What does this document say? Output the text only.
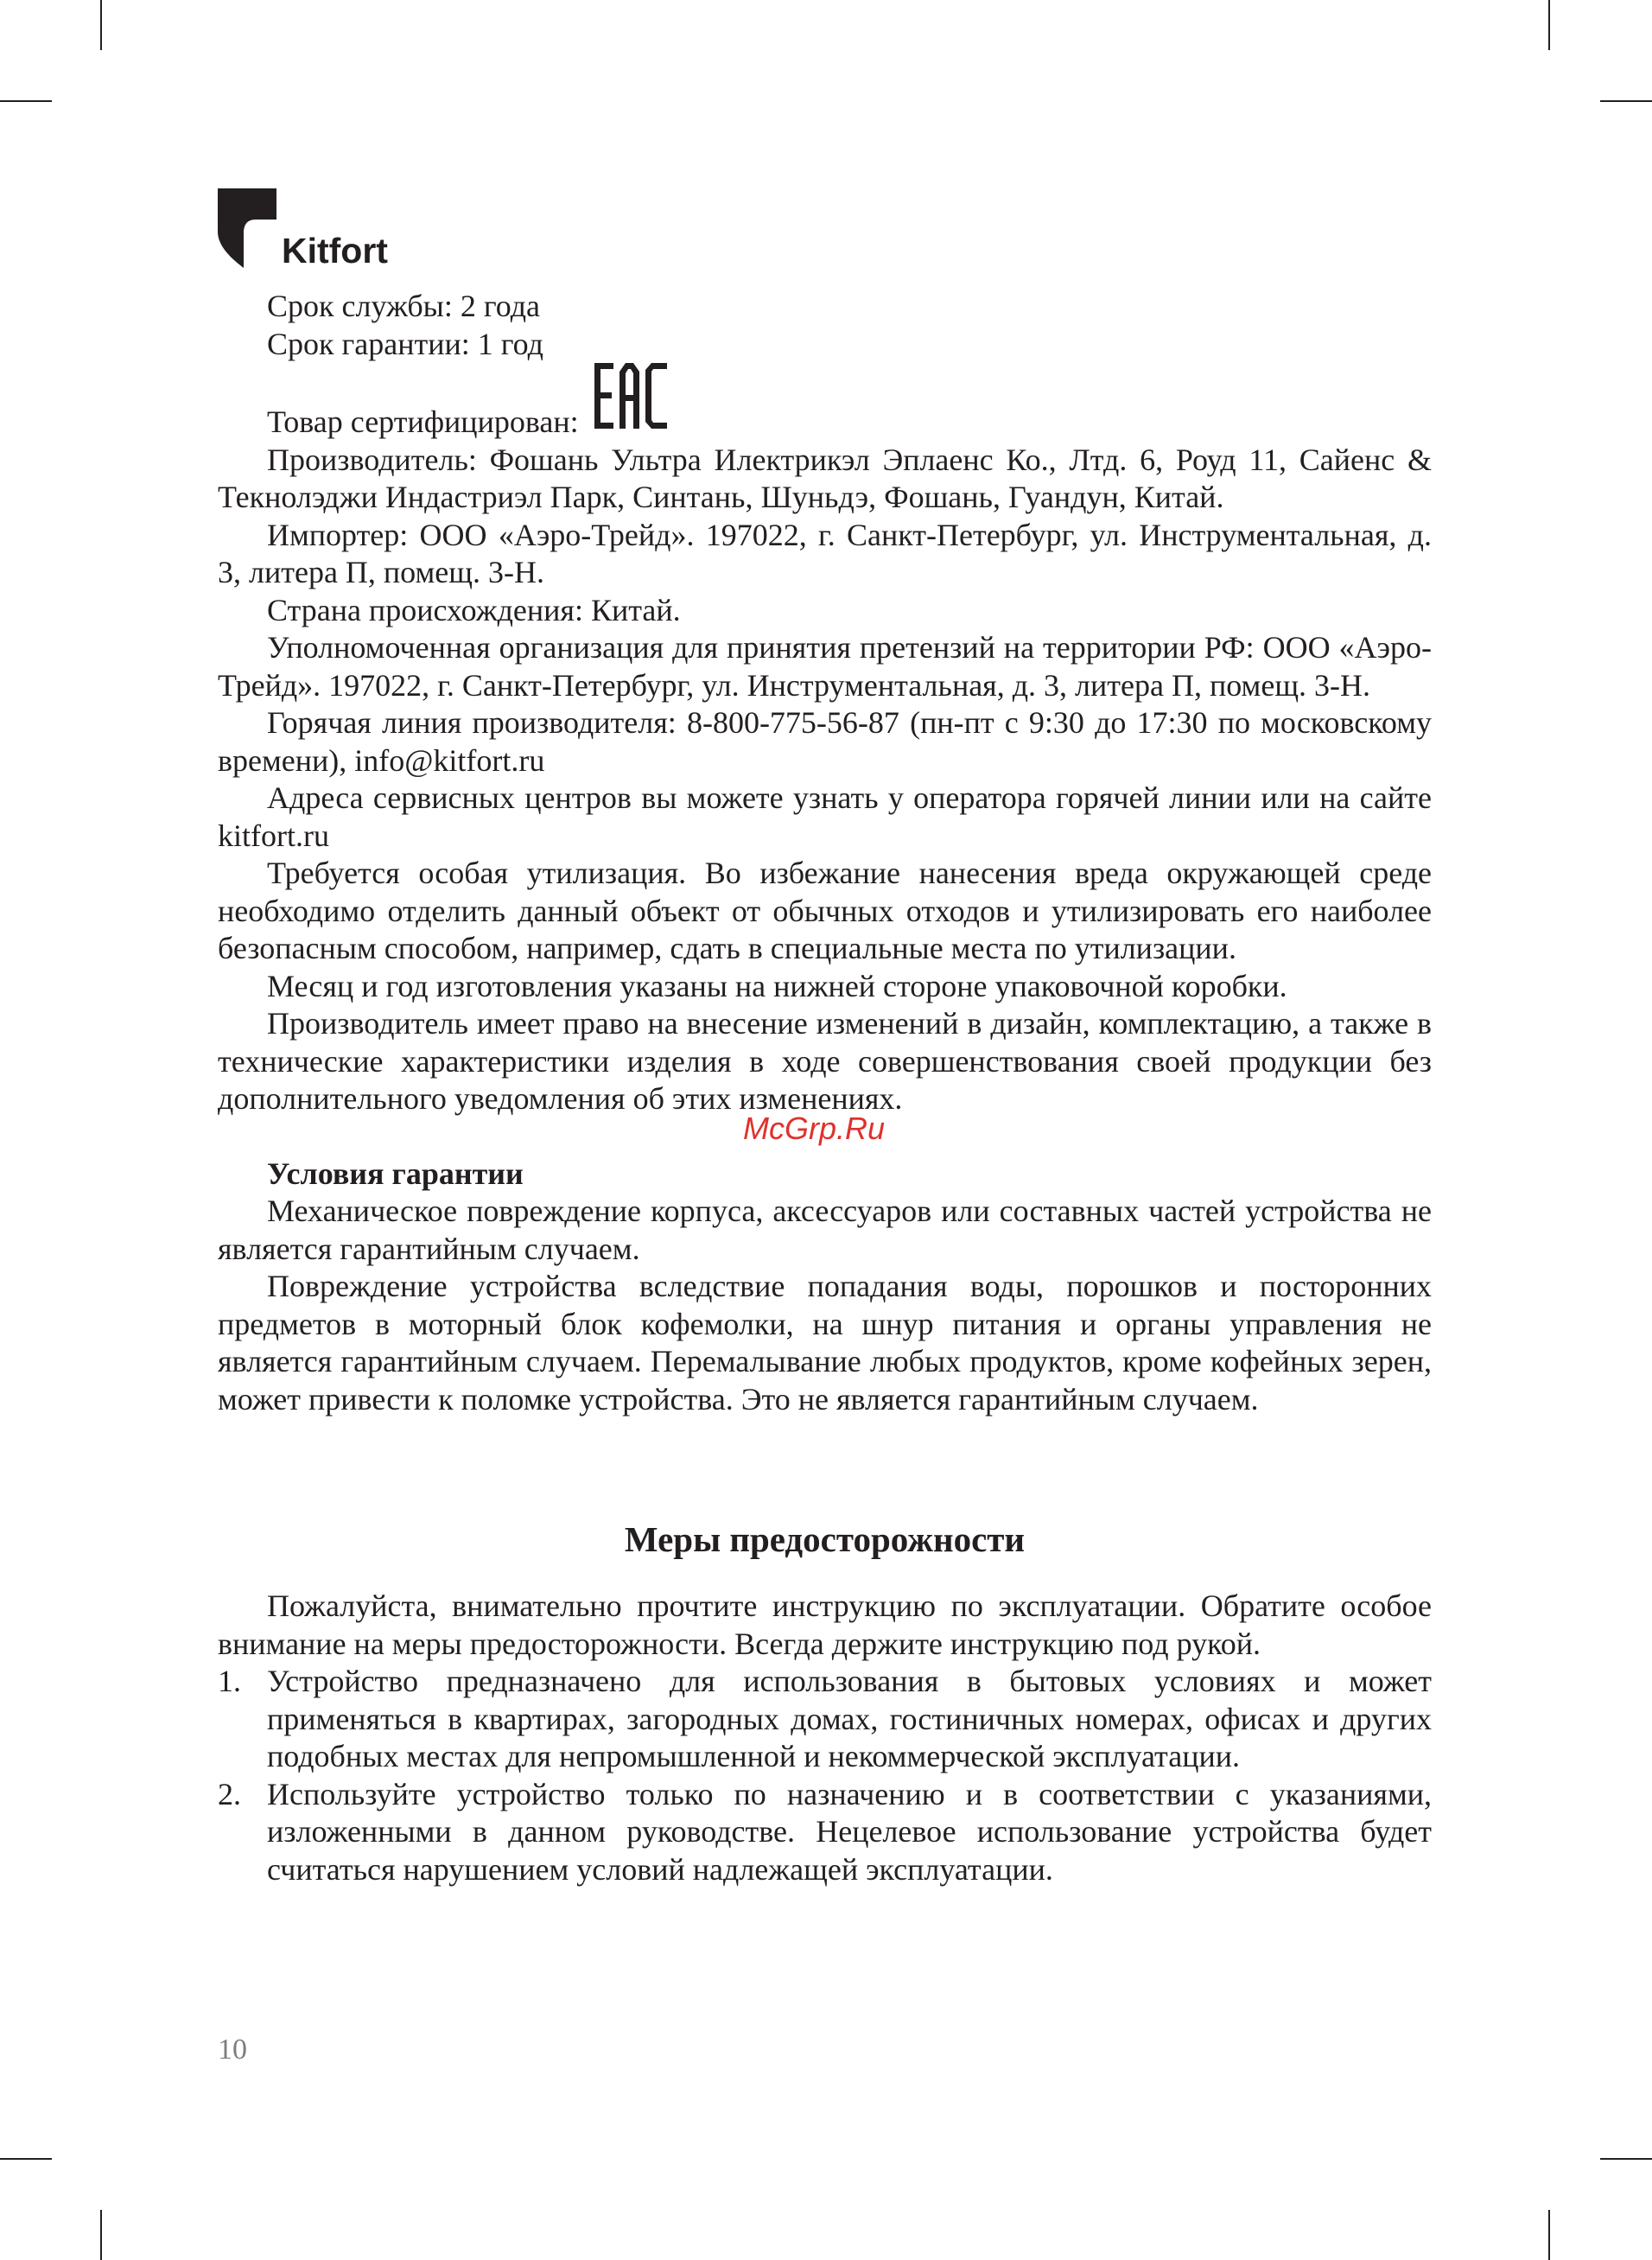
Kitfort

Срок службы: 2 года

Срок гарантии: 1 год

Товар сертифицирован:

Производитель: Фошань Ультра Илектрикэл Эплаенс Ко., Лтд. 6, Роуд 11, Сайенс & Текнолэджи Индастриэл Парк, Синтань, Шуньдэ, Фошань, Гуандун, Китай.

Импортер: ООО «Аэро-Трейд». 197022, г. Санкт-Петербург, ул. Инструментальная, д. 3, литера П, помещ. 3-Н.

Страна происхождения: Китай.

Уполномоченная организация для принятия претензий на территории РФ: ООО «Аэро-Трейд». 197022, г. Санкт-Петербург, ул. Инструментальная, д. 3, литера П, помещ. 3-Н.

Горячая линия производителя: 8-800-775-56-87 (пн-пт с 9:30 до 17:30 по московскому времени), info@kitfort.ru

Адреса сервисных центров вы можете узнать у оператора горячей линии или на сайте kitfort.ru

Требуется особая утилизация. Во избежание нанесения вреда окружающей среде необходимо отделить данный объект от обычных отходов и утилизировать его наиболее безопасным способом, например, сдать в специальные места по утилизации.

Месяц и год изготовления указаны на нижней стороне упаковочной коробки.

Производитель имеет право на внесение изменений в дизайн, комплектацию, а также в технические характеристики изделия в ходе совершенствования своей продукции без дополнительного уведомления об этих изменениях.

Условия гарантии

Механическое повреждение корпуса, аксессуаров или составных частей устройства не является гарантийным случаем.

Повреждение устройства вследствие попадания воды, порошков и посторонних предметов в моторный блок кофемолки, на шнур питания и органы управления не является гарантийным случаем. Перемалывание любых продуктов, кроме кофейных зерен, может привести к поломке устройства. Это не является гарантийным случаем.

Меры предосторожности

Пожалуйста, внимательно прочтите инструкцию по эксплуатации. Обратите особое внимание на меры предосторожности. Всегда держите инструкцию под рукой.

1. Устройство предназначено для использования в бытовых условиях и может применяться в квартирах, загородных домах, гостиничных номерах, офисах и других подобных местах для непромышленной и некоммерческой эксплуатации.
2. Используйте устройство только по назначению и в соответствии с указаниями, изложенными в данном руководстве. Нецелевое использование устройства будет считаться нарушением условий надлежащей эксплуатации.
McGrp.Ru
10
